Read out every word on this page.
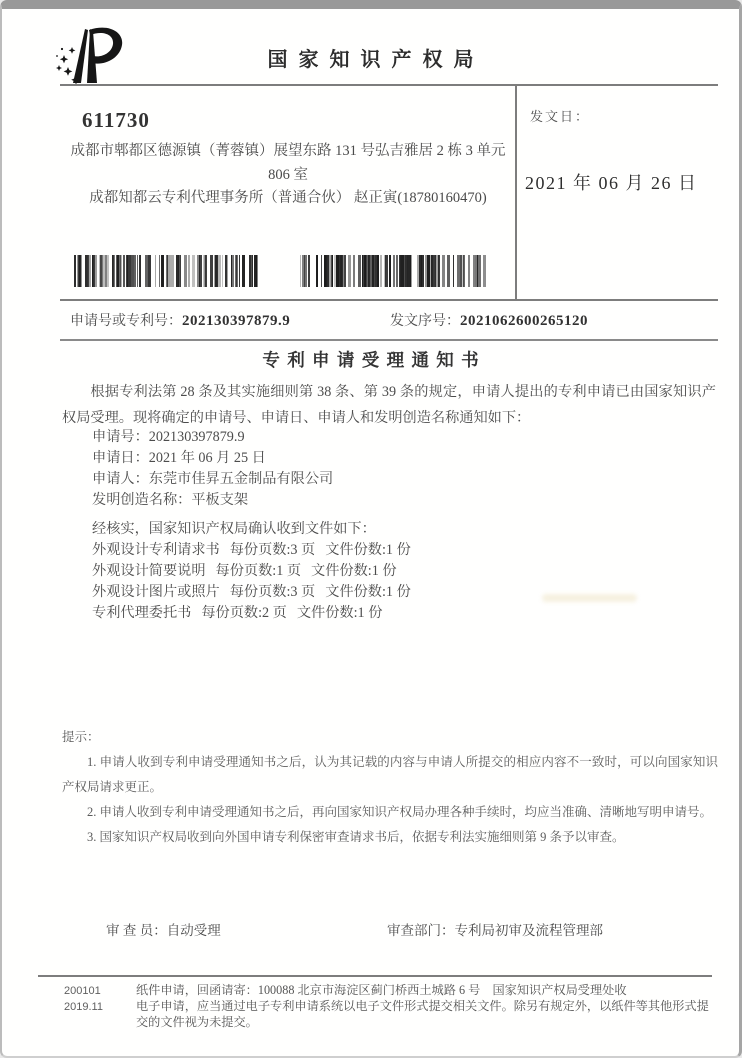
国家知识产权局
611730
成都市郫都区德源镇（菁蓉镇）展望东路 131 号弘吉雅居 2 栋 3 单元
806 室
成都知都云专利代理事务所（普通合伙） 赵正寅(18780160470)
发文日：
2021 年 06 月 26 日
申请号或专利号：202130397879.9	发文序号：2021062600265120
专利申请受理通知书

根据专利法第 28 条及其实施细则第 38 条、第 39 条的规定，申请人提出的专利申请已由国家知识产权局受理。现将确定的申请号、申请日、申请人和发明创造名称通知如下：

申请号：202130397879.9
申请日：2021 年 06 月 25 日
申请人：东莞市佳昇五金制品有限公司
发明创造名称：平板支架
经核实，国家知识产权局确认收到文件如下：
外观设计专利请求书 每份页数:3 页 文件份数:1 份
外观设计简要说明 每份页数:1 页 文件份数:1 份
外观设计图片或照片 每份页数:3 页 文件份数:1 份
专利代理委托书 每份页数:2 页 文件份数:1 份
提示：
1. 申请人收到专利申请受理通知书之后，认为其记载的内容与申请人所提交的相应内容不一致时，可以向国家知识产权局请求更正。
2. 申请人收到专利申请受理通知书之后，再向国家知识产权局办理各种手续时，均应当准确、清晰地写明申请号。
3. 国家知识产权局收到向外国申请专利保密审查请求书后，依据专利法实施细则第 9 条予以审查。
审 查 员：自动受理	审查部门：专利局初审及流程管理部
200101
2019.11

纸件申请，回函请寄：100088 北京市海淀区蓟门桥西土城路 6 号　国家知识产权局受理处收

电子申请，应当通过电子专利申请系统以电子文件形式提交相关文件。除另有规定外，以纸件等其他形式提交的文件视为未提交。
